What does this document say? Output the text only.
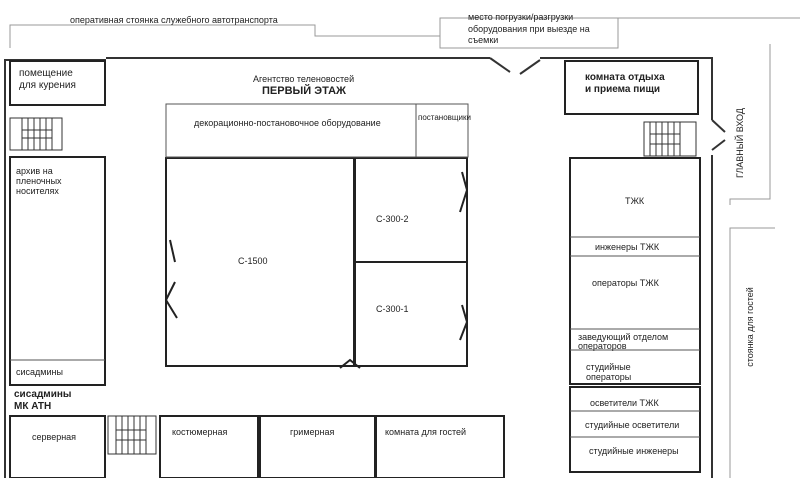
оперативная стоянка служебного автотранспорта	место погрузки/разгрузки
оборудования при выезде на
съемки
Агентство теленовостей
ПЕРВЫЙ ЭТАЖ
помещение
для курения
архив на
пленочных
носителях
сисадмины
сисадмины
МК АТН
серверная
декорационно-постановочное оборудование
постановщики
С-1500
С-300-2
С-300-1
костюмерная	гримерная	комната для гостей
комната отдыха
и приема пищи
ТЖК
инженеры ТЖК
операторы ТЖК
заведующий отделом
операторов
студийные
операторы
осветители ТЖК
студийные осветители
студийные инженеры
ГЛАВНЫЙ ВХОД
стоянка для гостей
